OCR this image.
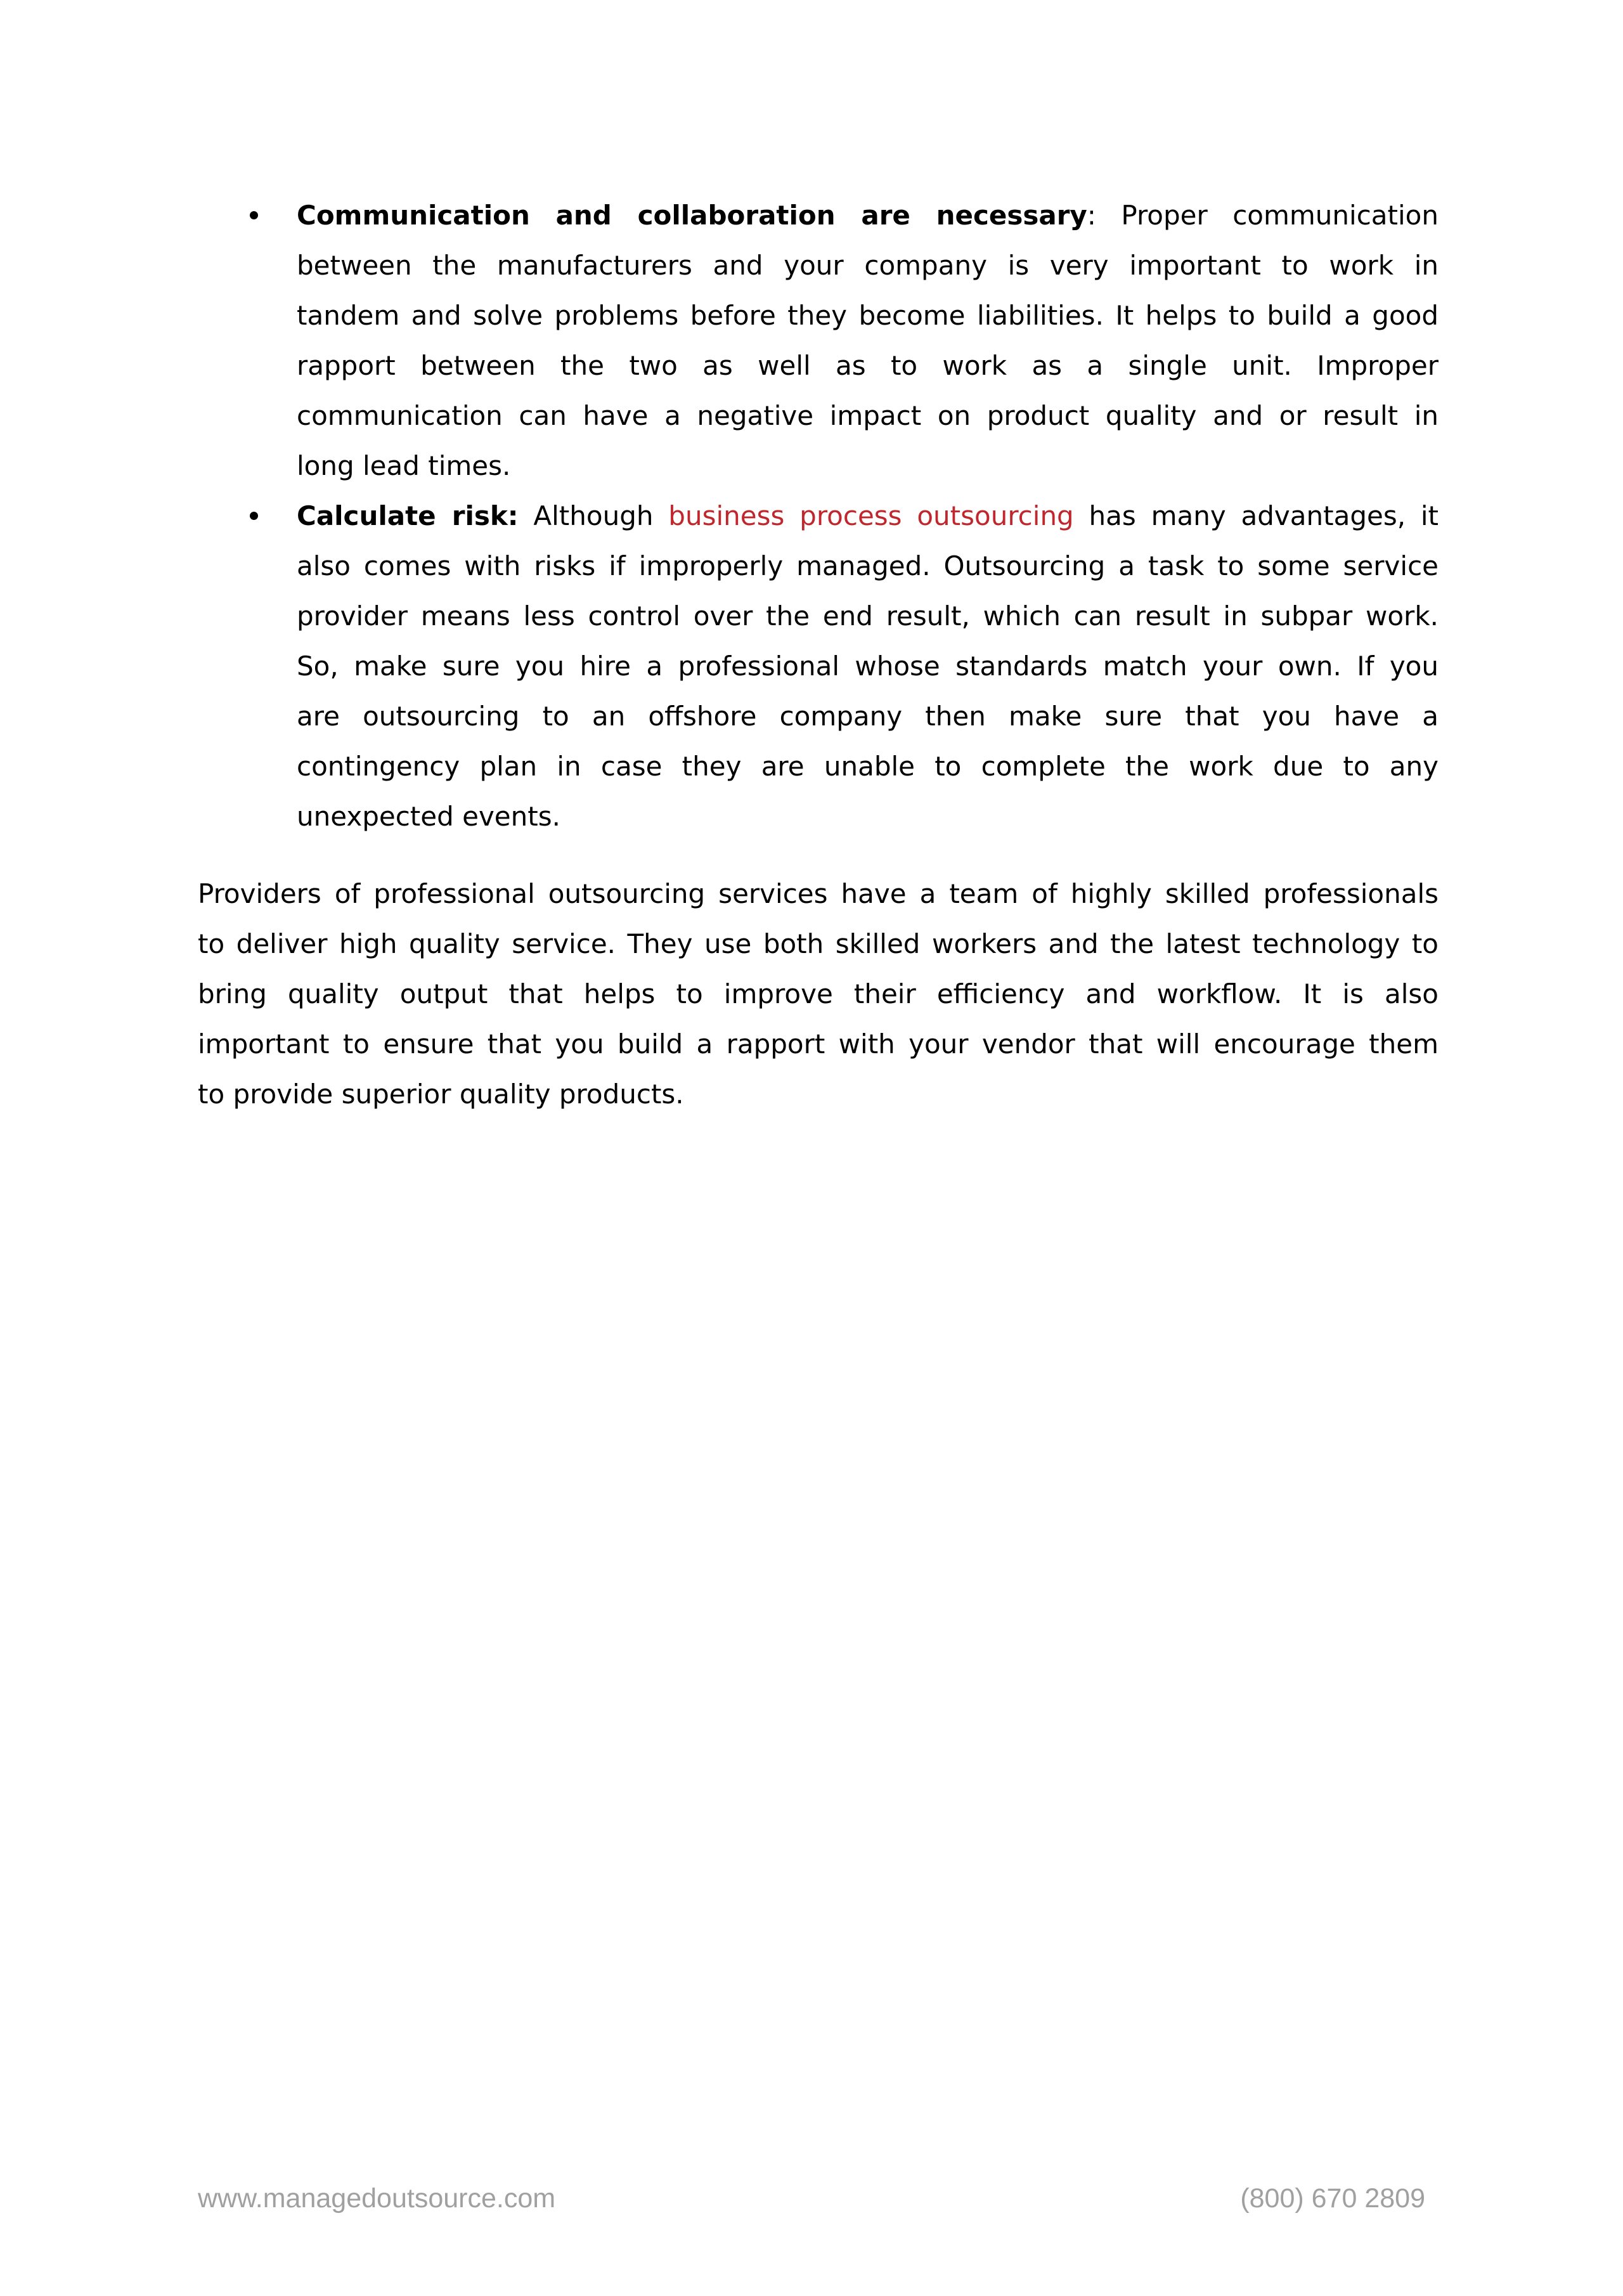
Communication and collaboration are necessary: Proper communication
between the manufacturers and your company is very important to work in
tandem and solve problems before they become liabilities. It helps to build a good
rapport between the two as well as to work as a single unit. Improper
communication can have a negative impact on product quality and or result in
long lead times.
Calculate risk: Although business process outsourcing has many advantages, it
also comes with risks if improperly managed. Outsourcing a task to some service
provider means less control over the end result, which can result in subpar work.
So, make sure you hire a professional whose standards match your own. If you
are outsourcing to an offshore company then make sure that you have a
contingency plan in case they are unable to complete the work due to any
unexpected events.
Providers of professional outsourcing services have a team of highly skilled professionals
to deliver high quality service. They use both skilled workers and the latest technology to
bring quality output that helps to improve their efficiency and workflow. It is also
important to ensure that you build a rapport with your vendor that will encourage them
to provide superior quality products.
www.managedoutsource.com	(800) 670 2809
